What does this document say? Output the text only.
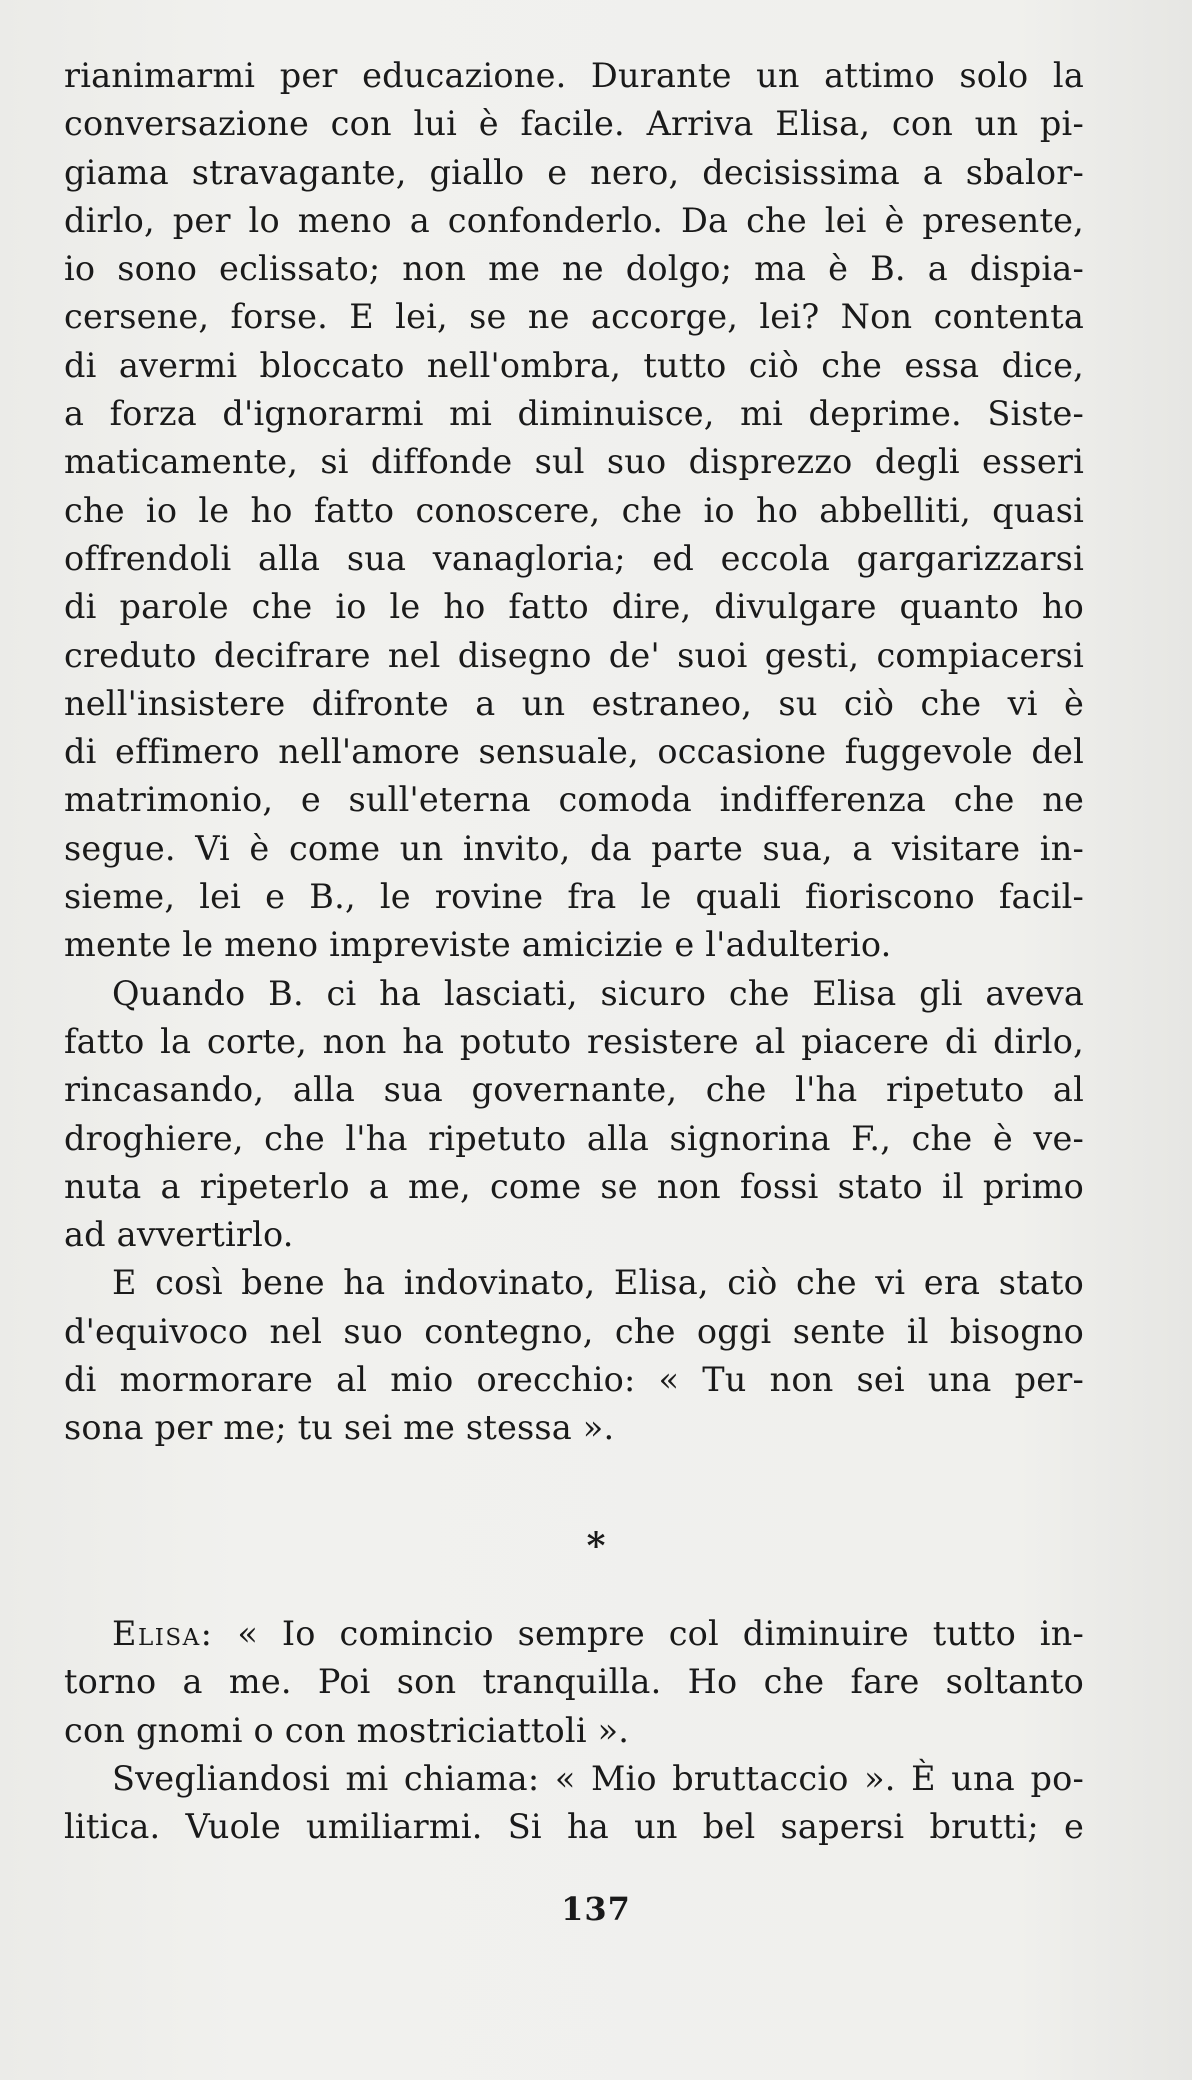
rianimarmi per educazione. Durante un attimo solo la
conversazione con lui è facile. Arriva Elisa, con un pi-
giama stravagante, giallo e nero, decisissima a sbalor-
dirlo, per lo meno a confonderlo. Da che lei è presente,
io sono eclissato; non me ne dolgo; ma è B. a dispia-
cersene, forse. E lei, se ne accorge, lei? Non contenta
di avermi bloccato nell'ombra, tutto ciò che essa dice,
a forza d'ignorarmi mi diminuisce, mi deprime. Siste-
maticamente, si diffonde sul suo disprezzo degli esseri
che io le ho fatto conoscere, che io ho abbelliti, quasi
offrendoli alla sua vanagloria; ed eccola gargarizzarsi
di parole che io le ho fatto dire, divulgare quanto ho
creduto decifrare nel disegno de' suoi gesti, compiacersi
nell'insistere difronte a un estraneo, su ciò che vi è
di effimero nell'amore sensuale, occasione fuggevole del
matrimonio, e sull'eterna comoda indifferenza che ne
segue. Vi è come un invito, da parte sua, a visitare in-
sieme, lei e B., le rovine fra le quali fioriscono facil-
mente le meno impreviste amicizie e l'adulterio.
Quando B. ci ha lasciati, sicuro che Elisa gli aveva
fatto la corte, non ha potuto resistere al piacere di dirlo,
rincasando, alla sua governante, che l'ha ripetuto al
droghiere, che l'ha ripetuto alla signorina F., che è ve-
nuta a ripeterlo a me, come se non fossi stato il primo
ad avvertirlo.
E così bene ha indovinato, Elisa, ciò che vi era stato
d'equivoco nel suo contegno, che oggi sente il bisogno
di mormorare al mio orecchio: « Tu non sei una per-
sona per me; tu sei me stessa ».
*
Elisa: « Io comincio sempre col diminuire tutto in-
torno a me. Poi son tranquilla. Ho che fare soltanto
con gnomi o con mostriciattoli ».
Svegliandosi mi chiama: « Mio bruttaccio ». È una po-
litica. Vuole umiliarmi. Si ha un bel sapersi brutti; e
137
